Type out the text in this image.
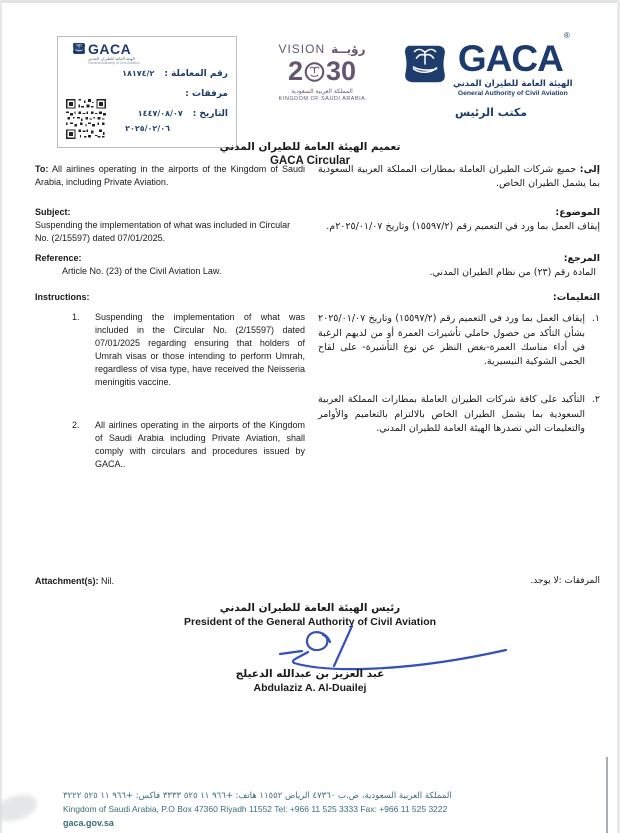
GACA
الهيئة العامة للطيران المدني
General Authority of Civil Aviation
رقم المعاملة :
١٨١٧٤/٢
مرفقات :
التاريخ :
١٤٤٧/٠٨/٠٧
٢٠٢٥/٠٢/٠٦
VISION رؤيــة
2 30
المملكة العربية السعودية
KINGDOM OF SAUDI ARABIA
GACA®
الهيئة العامة للطيران المدني
General Authority of Civil Aviation
مكتب الرئيس
تعميم الهيئة العامة للطيران المدني
GACA Circular
To: All airlines operating in the airports of the Kingdom of Saudi Arabia, including Private Aviation.
إلى: جميع شركات الطيران العاملة بمطارات المملكة العربية السعودية بما يشمل الطيران الخاص.
Subject:
Suspending the implementation of what was included in Circular No. (2/15597) dated 07/01/2025.
الموضوع:
إيقاف العمل بما ورد في التعميم رقم (١٥٥٩٧/٢) وتاريخ ٢٠٢٥/٠١/٠٧م.
Reference:
Article No. (23) of the Civil Aviation Law.
المرجع:
المادة رقم (٢٣) من نظام الطيران المدني.
Instructions:
1.	Suspending the implementation of what was included in the Circular No. (2/15597) dated 07/01/2025 regarding ensuring that holders of Umrah visas or those intending to perform Umrah, regardless of visa type, have received the Neisseria meningitis vaccine.
2.	All airlines operating in the airports of the Kingdom of Saudi Arabia including Private Aviation, shall comply with circulars and procedures issued by GACA..
التعليمات:
١.
إيقاف العمل بما ورد في التعميم رقم (١٥٥٩٧/٢) وتاريخ ٢٠٢٥/٠١/٠٧ بشأن التأكد من حصول حاملي تأشيرات العمرة أو من لديهم الرغبة في أداء مناسك العمرة-بغض النظر عن نوع التأشيرة- على لقاح الحمى الشوكية النيسيرية.
٢.
التأكيد على كافة شركات الطيران العاملة بمطارات المملكة العربية السعودية بما يشمل الطيران الخاص بالالتزام بالتعاميم والأوامر والتعليمات التي تصدرها الهيئة العامة للطيران المدني.
Attachment(s): Nil.	المرفقات :لا يوجد.
رئيس الهيئة العامة للطيران المدني
President of the General Authority of Civil Aviation
عبد العزيز بن عبدالله الدعيلج
Abdulaziz A. Al-Duailej
المملكة العربية السعودية، ص.ب ٤٧٣٦٠ الرياض ١١٥٥٢ هاتف: +٩٦٦ ١١ ٥٢٥ ٣٣٣٣ فاكس: +٩٦٦ ١١ ٥٢٥ ٣٢٢٢
Kingdom of Saudi Arabia, P.O Box 47360 Riyadh 11552 Tel: +966 11 525 3333 Fax: +966 11 525 3222
gaca.gov.sa
